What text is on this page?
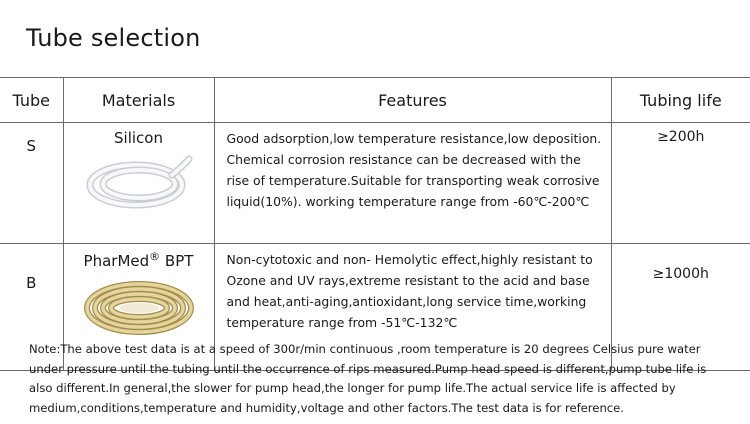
Tube selection
Tube	Materials	Features	Tubing life
S	Silicon	Good adsorption,low temperature resistance,low deposition. Chemical corrosion resistance can be decreased with the rise of temperature.Suitable for transporting weak corrosive liquid(10%). working temperature range from -60℃-200℃	≥200h
B	PharMed® BPT	Non-cytotoxic and non- Hemolytic effect,highly resistant to Ozone and UV rays,extreme resistant to the acid and base and heat,anti-aging,antioxidant,long service time,working temperature range from -51℃-132℃	≥1000h
Note:The above test data is at a speed of 300r/min continuous ,room temperature is 20 degrees Celsius pure water under pressure until the tubing until the occurrence of rips measured.Pump head speed is different,pump tube life is also different.In general,the slower for pump head,the longer for pump life.The actual service life is affected by medium,conditions,temperature and humidity,voltage and other factors.The test data is for reference.
